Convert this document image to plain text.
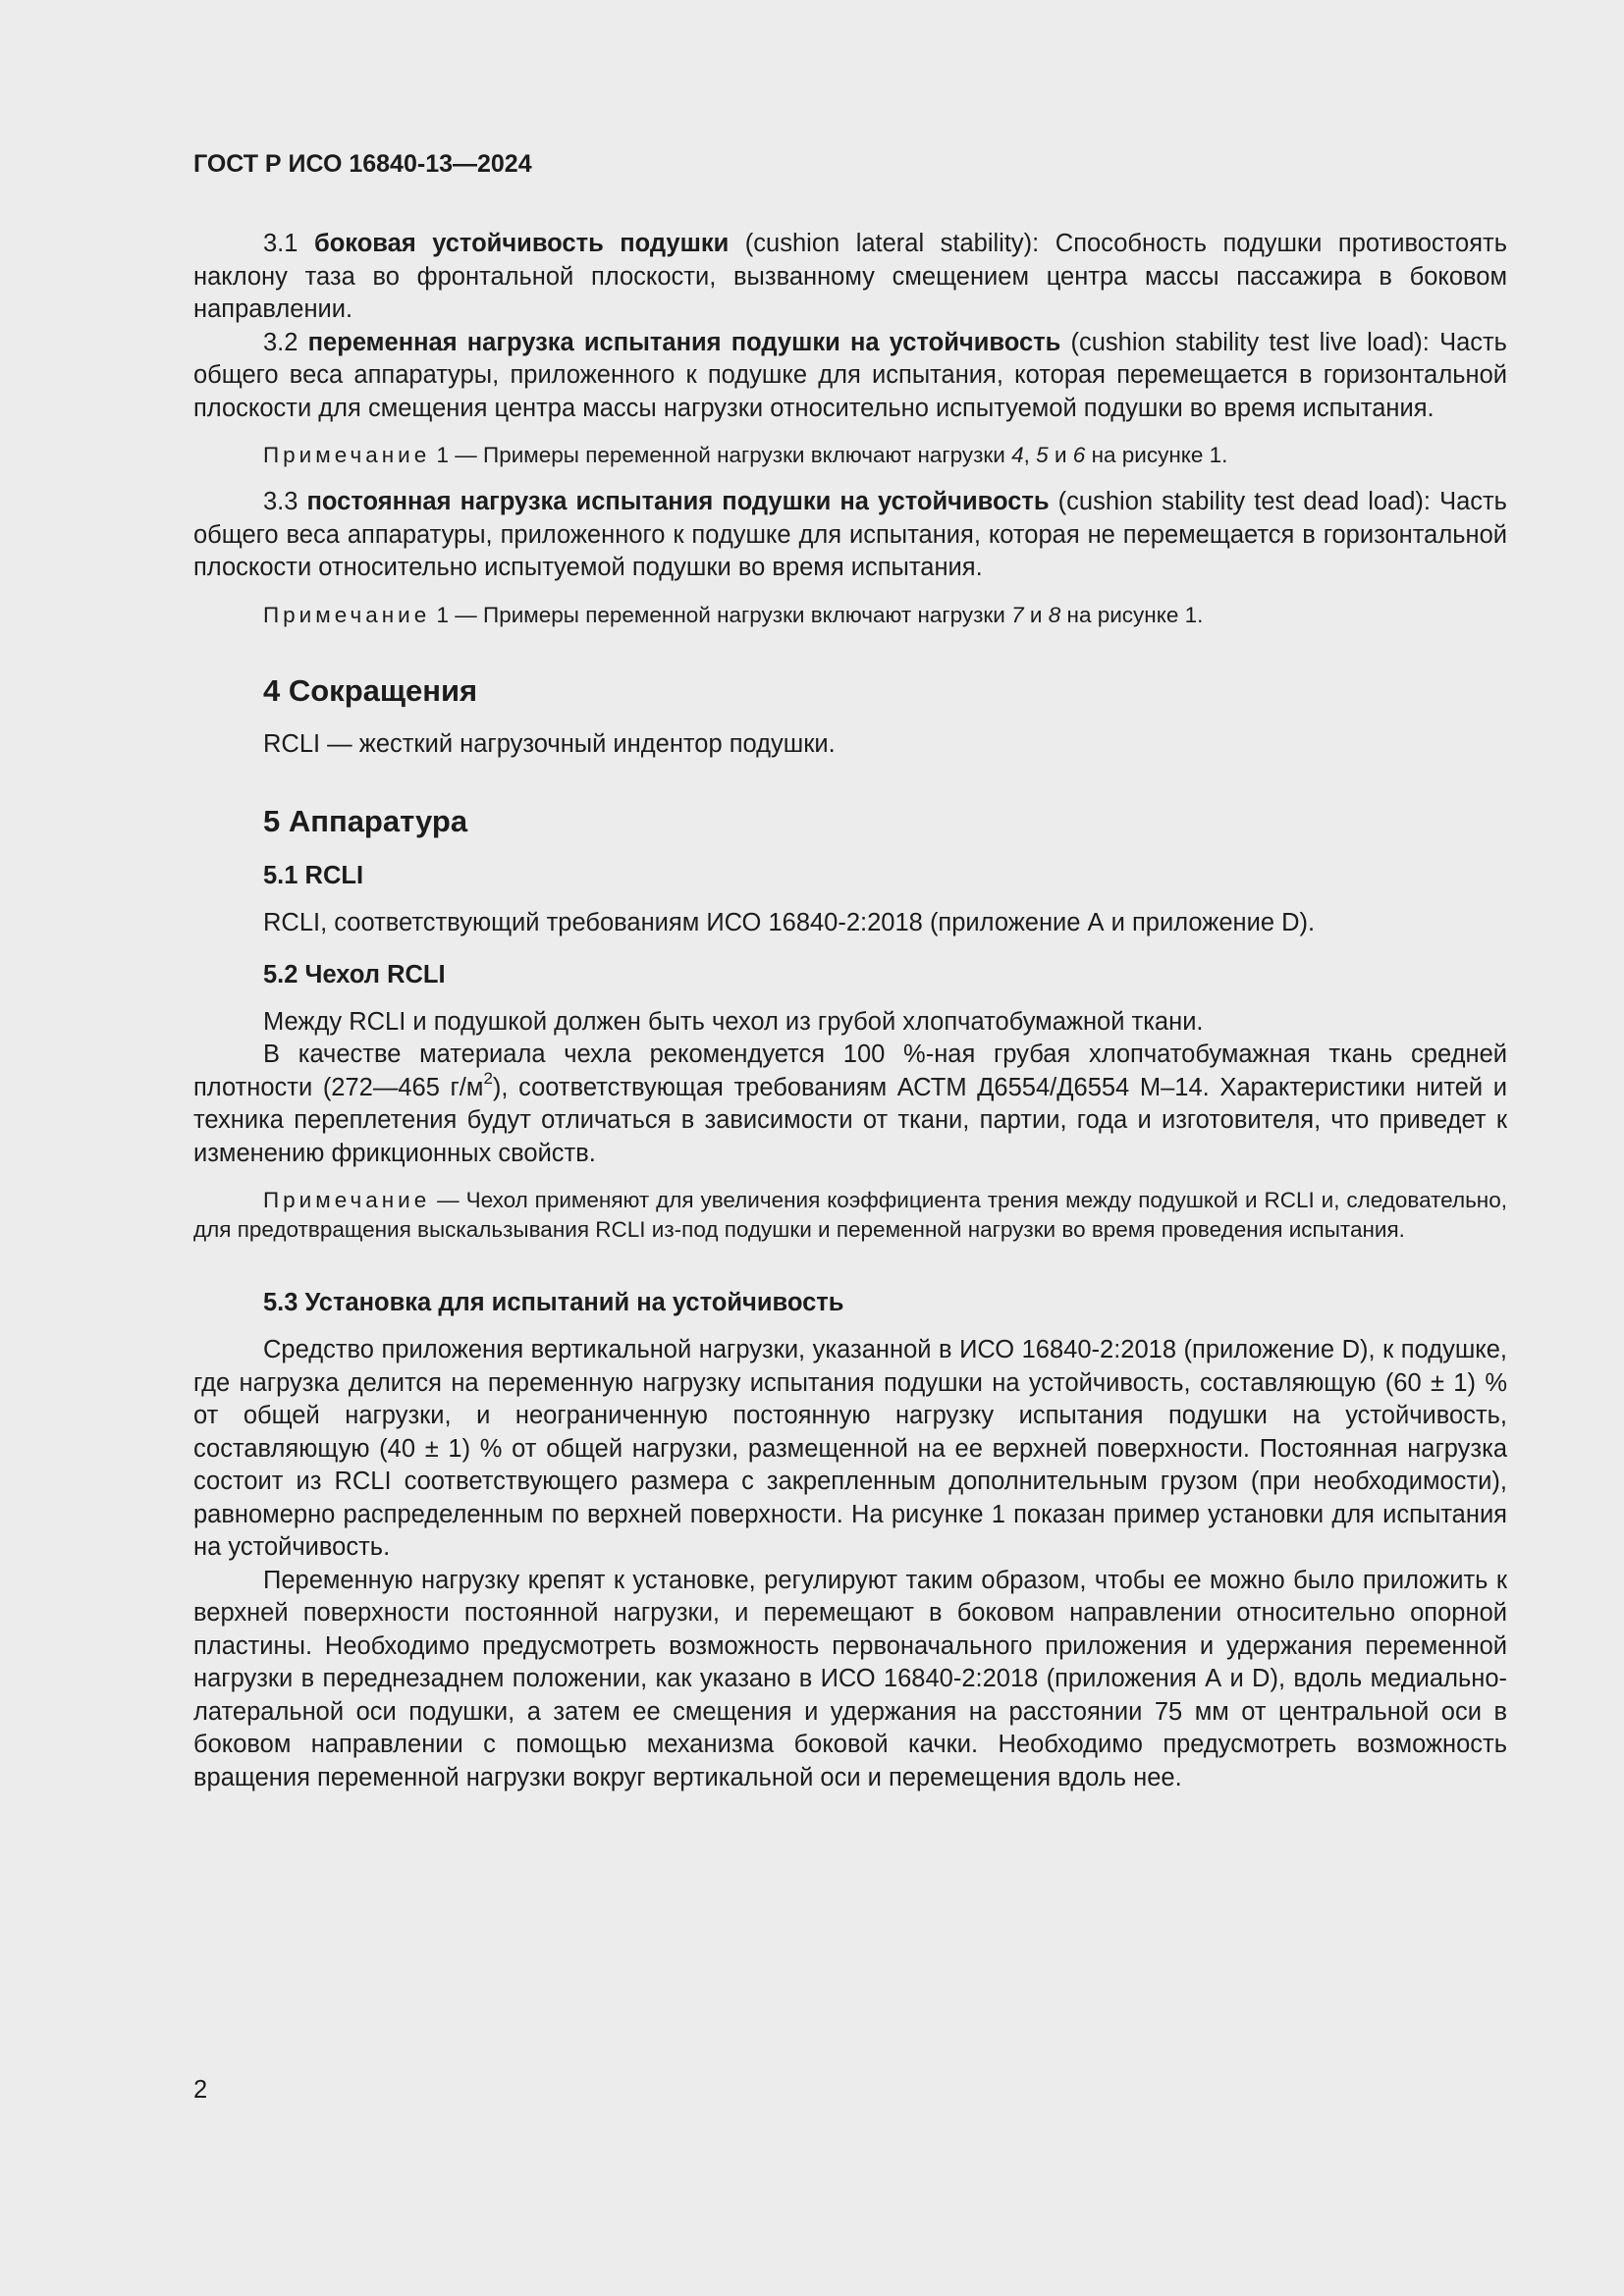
ГОСТ Р ИСО 16840-13—2024

3.1 боковая устойчивость подушки (cushion lateral stability): Способность подушки противостоять наклону таза во фронтальной плоскости, вызванному смещением центра массы пассажира в боковом направлении.

3.2 переменная нагрузка испытания подушки на устойчивость (cushion stability test live load): Часть общего веса аппаратуры, приложенного к подушке для испытания, которая перемещается в горизонтальной плоскости для смещения центра массы нагрузки относительно испытуемой подушки во время испытания.

Примечание 1 — Примеры переменной нагрузки включают нагрузки 4, 5 и 6 на рисунке 1.

3.3 постоянная нагрузка испытания подушки на устойчивость (cushion stability test dead load): Часть общего веса аппаратуры, приложенного к подушке для испытания, которая не перемещается в горизонтальной плоскости относительно испытуемой подушки во время испытания.

Примечание 1 — Примеры переменной нагрузки включают нагрузки 7 и 8 на рисунке 1.

4 Сокращения

RCLI — жесткий нагрузочный индентор подушки.

5 Аппаратура
5.1 RCLI

RCLI, соответствующий требованиям ИСО 16840-2:2018 (приложение А и приложение D).

5.2 Чехол RCLI

Между RCLI и подушкой должен быть чехол из грубой хлопчатобумажной ткани.

В качестве материала чехла рекомендуется 100 %-ная грубая хлопчатобумажная ткань средней плотности (272—465 $г/м^2$), соответствующая требованиям АСТМ Д6554/Д6554 М–14. Характеристики нитей и техника переплетения будут отличаться в зависимости от ткани, партии, года и изготовителя, что приведет к изменению фрикционных свойств.

Примечание — Чехол применяют для увеличения коэффициента трения между подушкой и RCLI и, следовательно, для предотвращения выскальзывания RCLI из-под подушки и переменной нагрузки во время проведения испытания.

5.3 Установка для испытаний на устойчивость

Средство приложения вертикальной нагрузки, указанной в ИСО 16840-2:2018 (приложение D), к подушке, где нагрузка делится на переменную нагрузку испытания подушки на устойчивость, составляющую (60 ± 1) % от общей нагрузки, и неограниченную постоянную нагрузку испытания подушки на устойчивость, составляющую (40 ± 1) % от общей нагрузки, размещенной на ее верхней поверхности. Постоянная нагрузка состоит из RCLI соответствующего размера с закрепленным дополнительным грузом (при необходимости), равномерно распределенным по верхней поверхности. На рисунке 1 показан пример установки для испытания на устойчивость.

Переменную нагрузку крепят к установке, регулируют таким образом, чтобы ее можно было приложить к верхней поверхности постоянной нагрузки, и перемещают в боковом направлении относительно опорной пластины. Необходимо предусмотреть возможность первоначального приложения и удержания переменной нагрузки в переднезаднем положении, как указано в ИСО 16840-2:2018 (приложения А и D), вдоль медиально-латеральной оси подушки, а затем ее смещения и удержания на расстоянии 75 мм от центральной оси в боковом направлении с помощью механизма боковой качки. Необходимо предусмотреть возможность вращения переменной нагрузки вокруг вертикальной оси и перемещения вдоль нее.

2
